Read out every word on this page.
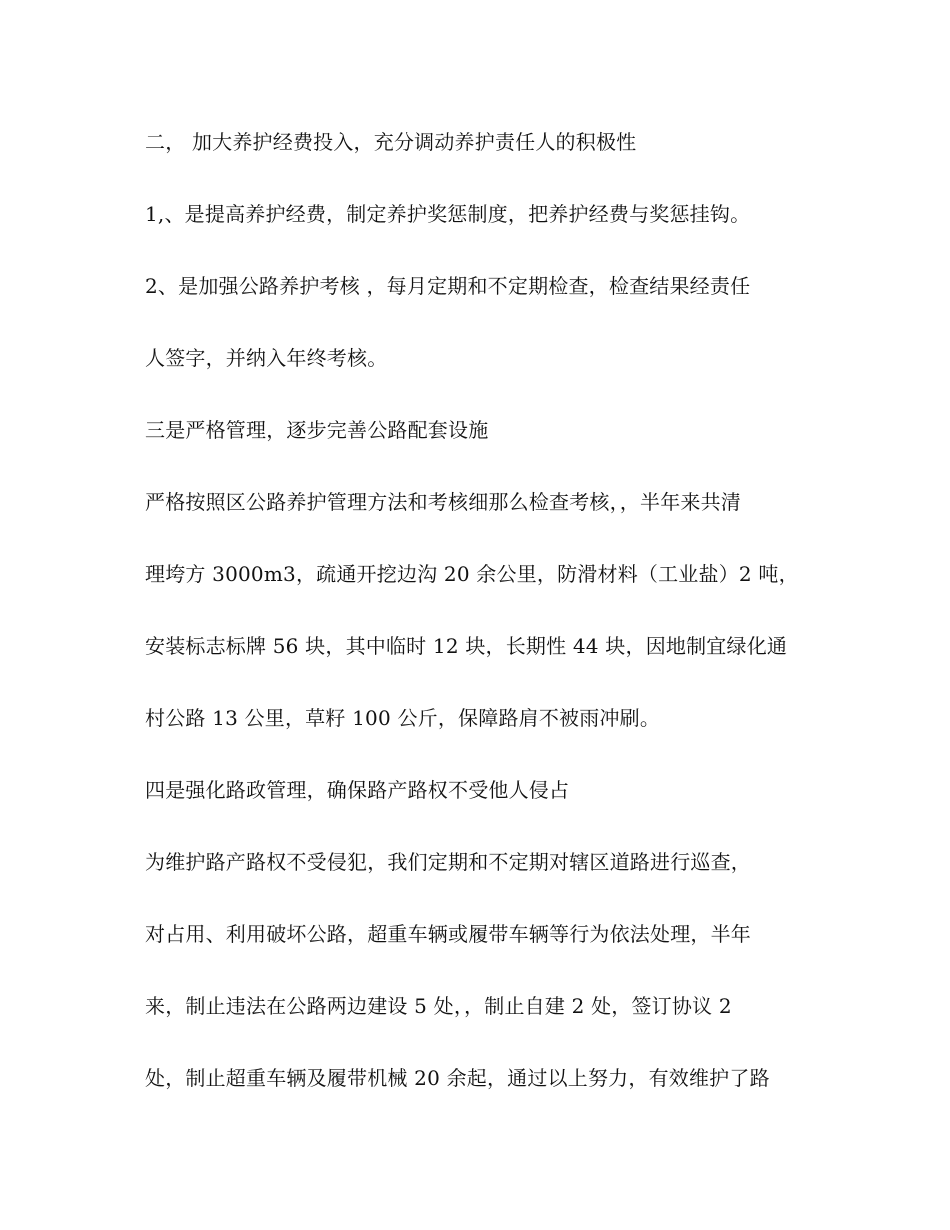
二， 加大养护经费投入，充分调动养护责任人的积极性
1,、是提高养护经费，制定养护奖惩制度，把养护经费与奖惩挂钩。
2、是加强公路养护考核 ，每月定期和不定期检查，检查结果经责任
人签字，并纳入年终考核。
三是严格管理，逐步完善公路配套设施
严格按照区公路养护管理方法和考核细那么检查考核，，半年来共清
理垮方 3000m3，疏通开挖边沟 20 余公里，防滑材料（工业盐）2 吨，
安装标志标牌 56 块，其中临时 12 块，长期性 44 块，因地制宜绿化通
村公路 13 公里，草籽 100 公斤，保障路肩不被雨冲刷。
四是强化路政管理，确保路产路权不受他人侵占
为维护路产路权不受侵犯，我们定期和不定期对辖区道路进行巡查，
对占用、利用破坏公路，超重车辆或履带车辆等行为依法处理，半年
来，制止违法在公路两边建设 5 处，，制止自建 2 处，签订协议 2
处，制止超重车辆及履带机械 20 余起，通过以上努力，有效维护了路
